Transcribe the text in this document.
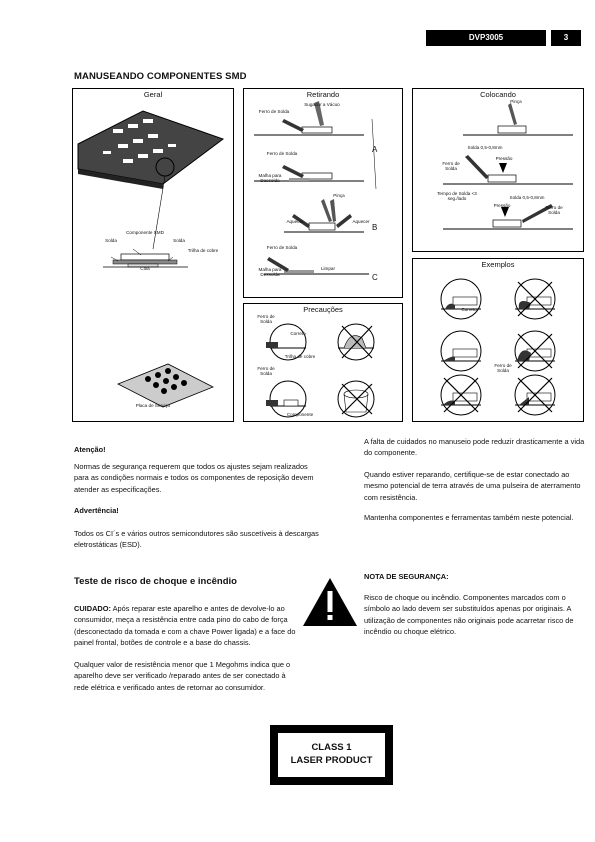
DVP3005	3
MANUSEANDO COMPONENTES SMD
Geral
Componente SMD
Solda	Solda
Trilha de cobre
Cola
Placa de Serviço
Retirando
Ferro de Solda
Sugador a Vácuo
Ferro de Solda
Malha para Dessolda
Pinça
Aquecer	Aquecer
Ferro de Solda
Malha para Dessolda
Limpar
A
B
C
Colocando
Pinça
Solda 0,5-0,8mm
Ferro de Solda
Pressão
Tempo de Solda <3 seg./lado	Solda 0,5-0,8mm
Pressão	Ferro de Solda
Exemplos
Correto
Ferro de Solda
Precauções
Ferro de Solda
Correto
Trilha de cobre
Ferro de Solda
Componente
Atenção!
Normas de segurança requerem que todos os ajustes sejam realizados para as condições normais e todos os componentes de reposição devem atender as especificações.
Advertência!
Todos os CI´s e vários outros semicondutores são suscetíveis à descargas eletrostáticas (ESD).
A falta de cuidados no manuseio pode reduzir drasticamente a vida do componente.
Quando estiver reparando, certifique-se de estar conectado ao mesmo potencial de terra através de uma pulseira de aterramento com resistência.
Mantenha componentes e ferramentas também neste potencial.
Teste de risco de choque e incêndio
CUIDADO: Após reparar este aparelho e antes de devolve-lo ao consumidor, meça a resistência entre cada pino do cabo de força (desconectado da tomada e com a chave Power ligada) e a face do painel frontal, botões de controle e a base do chassis.
Qualquer valor de resistência menor que 1 Megohms indica que o aparelho deve ser verificado /reparado antes de ser conectado à rede elétrica e verificado antes de retornar ao consumidor.
NOTA DE SEGURANÇA:
Risco de choque ou incêndio. Componentes marcados com o símbolo ao lado devem ser substituídos apenas por originais. A utilização de componentes não originais pode acarretar risco de incêndio ou choque elétrico.
CLASS 1
LASER PRODUCT
